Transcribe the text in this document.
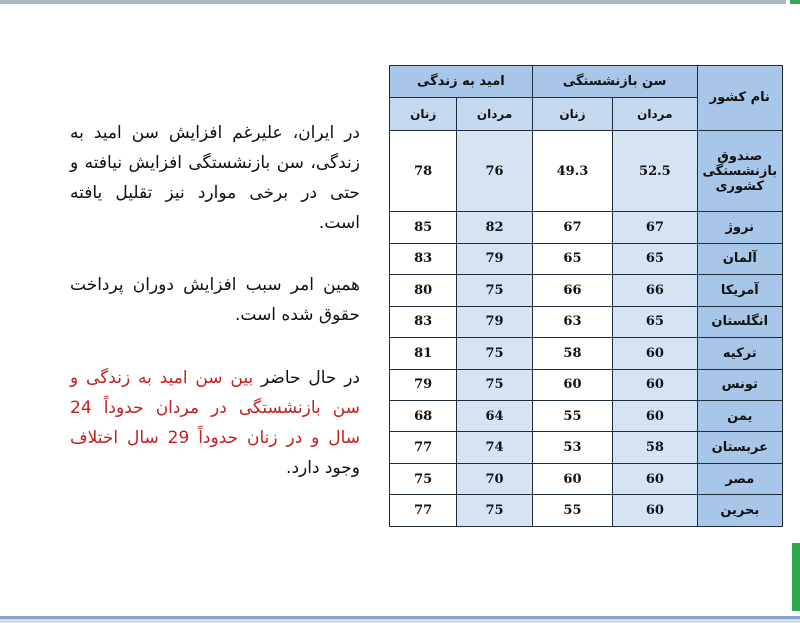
در ایران، علیرغم افزایش سن امید به زندگی، سن بازنشستگی افزایش نیافته و حتی در برخی موارد نیز تقلیل یافته است.

همین امر سبب افزایش دوران پرداخت حقوق شده است.

در حال حاضر بین سن امید به زندگی و سن بازنشستگی در مردان حدوداً 24 سال و در زنان حدوداً 29 سال اختلاف وجود دارد.

نام کشور	سن بازنشستگی		امید به زندگی	
	مردان	زنان	مردان	زنان
صندوق بازنشستگی کشوری	52.5	49.3	76	78
نروژ	67	67	82	85
آلمان	65	65	79	83
آمریکا	66	66	75	80
انگلستان	65	63	79	83
ترکیه	60	58	75	81
تونس	60	60	75	79
یمن	60	55	64	68
عربستان	58	53	74	77
مصر	60	60	70	75
بحرین	60	55	75	77
